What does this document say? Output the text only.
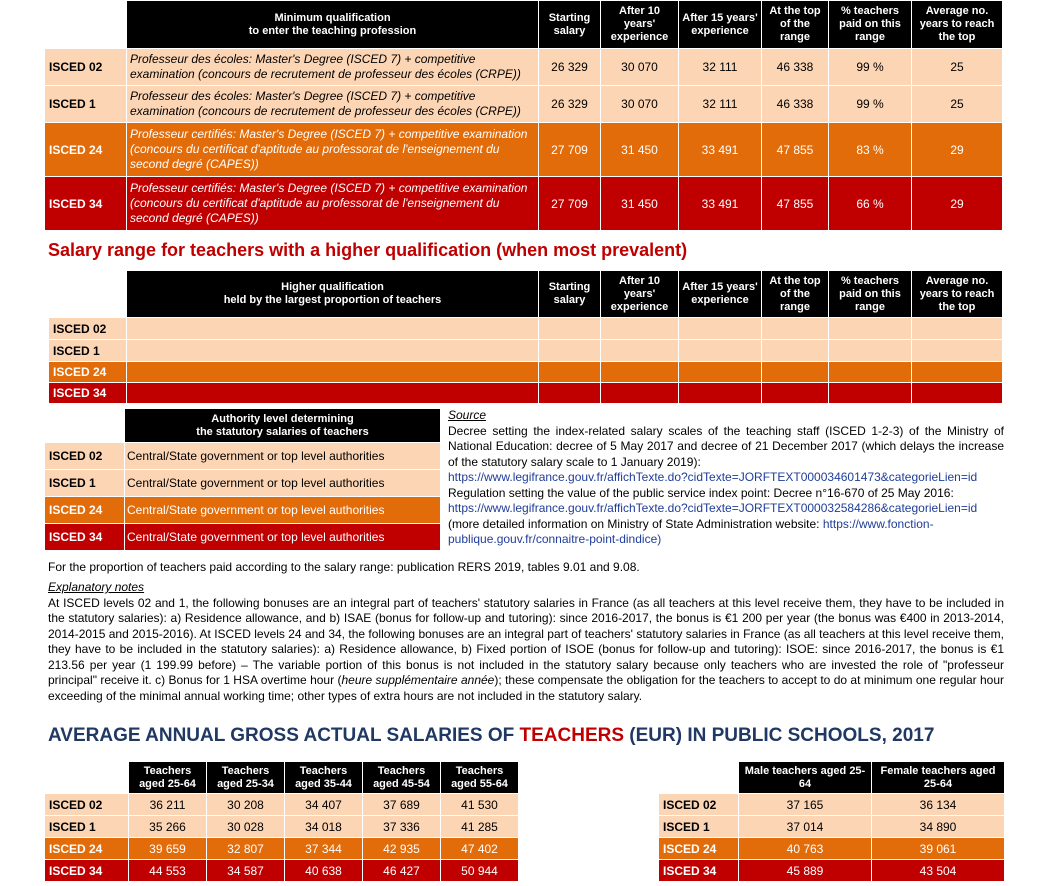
	Minimum qualification
to enter the teaching profession	Starting salary	After 10 years' experience	After 15 years' experience	At the top of the range	% teachers paid on this range	Average no. years to reach the top
ISCED 02	Professeur des écoles: Master's Degree (ISCED 7) + competitive examination (concours de recrutement de professeur des écoles (CRPE))	26 329	30 070	32 111	46 338	99 %	25
ISCED 1	Professeur des écoles: Master's Degree (ISCED 7) + competitive examination (concours de recrutement de professeur des écoles (CRPE))	26 329	30 070	32 111	46 338	99 %	25
ISCED 24	Professeur certifiés: Master's Degree (ISCED 7) + competitive examination (concours du certificat d'aptitude au professorat de l'enseignement du second degré (CAPES))	27 709	31 450	33 491	47 855	83 %	29
ISCED 34	Professeur certifiés: Master's Degree (ISCED 7) + competitive examination (concours du certificat d'aptitude au professorat de l'enseignement du second degré (CAPES))	27 709	31 450	33 491	47 855	66 %	29
Salary range for teachers with a higher qualification (when most prevalent)
	Higher qualification
held by the largest proportion of teachers	Starting salary	After 10 years' experience	After 15 years' experience	At the top of the range	% teachers paid on this range	Average no. years to reach the top
ISCED 02							
ISCED 1							
ISCED 24							
ISCED 34							
	Authority level determining
the statutory salaries of teachers
ISCED 02	Central/State government or top level authorities
ISCED 1	Central/State government or top level authorities
ISCED 24	Central/State government or top level authorities
ISCED 34	Central/State government or top level authorities
Source
Decree setting the index-related salary scales of the teaching staff (ISCED 1-2-3) of the Ministry of National Education: decree of 5 May 2017 and decree of 21 December 2017 (which delays the increase of the statutory salary scale to 1 January 2019):
https://www.legifrance.gouv.fr/affichTexte.do?cidTexte=JORFTEXT000034601473&categorieLien=id
Regulation setting the value of the public service index point: Decree n°16-670 of 25 May 2016:
https://www.legifrance.gouv.fr/affichTexte.do?cidTexte=JORFTEXT000032584286&categorieLien=id (more detailed information on Ministry of State Administration website: https://www.fonction-publique.gouv.fr/connaitre-point-dindice)
For the proportion of teachers paid according to the salary range: publication RERS 2019, tables 9.01 and 9.08.
Explanatory notes
At ISCED levels 02 and 1, the following bonuses are an integral part of teachers' statutory salaries in France (as all teachers at this level receive them, they have to be included in the statutory salaries): a) Residence allowance, and b) ISAE (bonus for follow-up and tutoring): since 2016-2017, the bonus is €1 200 per year (the bonus was €400 in 2013-2014, 2014-2015 and 2015-2016). At ISCED levels 24 and 34, the following bonuses are an integral part of teachers' statutory salaries in France (as all teachers at this level receive them, they have to be included in the statutory salaries): a) Residence allowance, b) Fixed portion of ISOE (bonus for follow-up and tutoring): ISOE: since 2016-2017, the bonus is €1 213.56 per year (1 199.99 before) – The variable portion of this bonus is not included in the statutory salary because only teachers who are invested the role of "professeur principal" receive it. c) Bonus for 1 HSA overtime hour (heure supplémentaire année); these compensate the obligation for the teachers to accept to do at minimum one regular hour exceeding of the minimal annual working time; other types of extra hours are not included in the statutory salary.
AVERAGE ANNUAL GROSS ACTUAL SALARIES OF TEACHERS (EUR) IN PUBLIC SCHOOLS, 2017
	Teachers aged 25-64	Teachers aged 25-34	Teachers aged 35-44	Teachers aged 45-54	Teachers aged 55-64
ISCED 02	36 211	30 208	34 407	37 689	41 530
ISCED 1	35 266	30 028	34 018	37 336	41 285
ISCED 24	39 659	32 807	37 344	42 935	47 402
ISCED 34	44 553	34 587	40 638	46 427	50 944
	Male teachers aged 25-64	Female teachers aged 25-64
ISCED 02	37 165	36 134
ISCED 1	37 014	34 890
ISCED 24	40 763	39 061
ISCED 34	45 889	43 504
